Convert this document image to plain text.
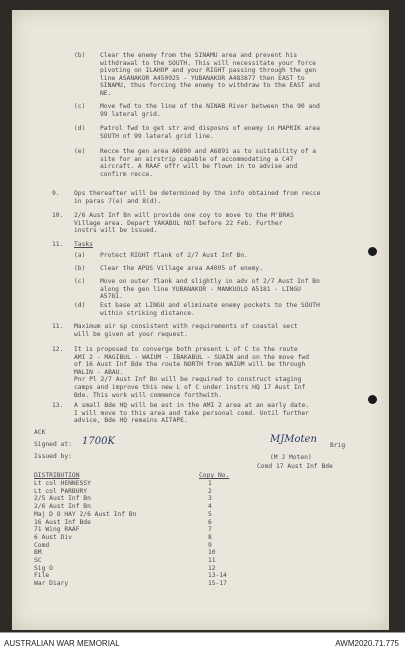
(b) Clear the enemy from the SINAMU area and prevent his
withdrawal to the SOUTH. This will necessitate your force
pivoting on ILAHOP and your RIGHT passing through the gen
line ASANAKOR A450925 - YUBANAKOR A483877 then EAST to
SINAMU, thus forcing the enemy to withdraw to the EAST and
NE.
(c) Move fwd to the line of the NINAB River between the 90 and
99 lateral grid.
(d) Patrol fwd to get str and disposns of enemy in MAPRIK area
SOUTH of 99 lateral grid line.
(e) Recce the gen area A6890 and A6891 as to suitability of a
site for an airstrip capable of accommodating a C47
aircraft. A RAAF offr will be flown in to advise and
confirm recce.
9. Ops thereafter will be determined by the info obtained from recce
in paras 7(e) and 8(d).
10. 2/6 Aust Inf Bn will provide one coy to move to the M'BRAS
Village area. Depart YAKABUL NOT before 22 Feb. Further
instrs will be issued.
11. Tasks
(a) Protect RIGHT flank of 2/7 Aust Inf Bn.
(b) Clear the APOS Village area A4095 of enemy.
(c) Move on outer flank and slightly in adv of 2/7 Aust Inf Bn
along the gen line YUBANAKOR - MANKUOLO A5181 - LINGU
A5781.
(d) Est base at LINGU and eliminate enemy pockets to the SOUTH
within striking distance.
11. Maximum air sp consistent with requirements of coastal sect
will be given at your request.
12. It is proposed to converge both present L of C to the route
AMI 2 - MAGIBUL - WAIUM - IBAKABUL - SUAIN and on the move fwd
of 16 Aust Inf Bde the route NORTH from WAIUM will be through
MALIN - ABAU.
Pnr Pl 2/7 Aust Inf Bn will be required to construct staging
camps and improve this new L of C under instrs HQ 17 Aust Inf
Bde. This work will commence forthwith.
13. A small Bde HQ will be est in the AMI 2 area at an early date.
I will move to this area and take personal comd. Until further
advice, Bde HQ remains AITAPE.
ACK
Signed at: 1700K
Issued by:
MJMoten
Brig
(M J Moten)
Comd 17 Aust Inf Bde
DISTRIBUTION	Copy No.
Lt col HENNESSY	1
Lt col PARBURY	2
2/5 Aust Inf Bn	3
2/6 Aust Inf Bn	4
Maj D O HAY 2/6 Aust Inf Bn	5
16 Aust Inf Bde	6
71 Wing RAAF	7
6 Aust Div	8
Comd	9
BM	10
SC	11
Sig O	12
File	13-14
War Diary	15-17
AUSTRALIAN WAR MEMORIAL	AWM2020.71.775
